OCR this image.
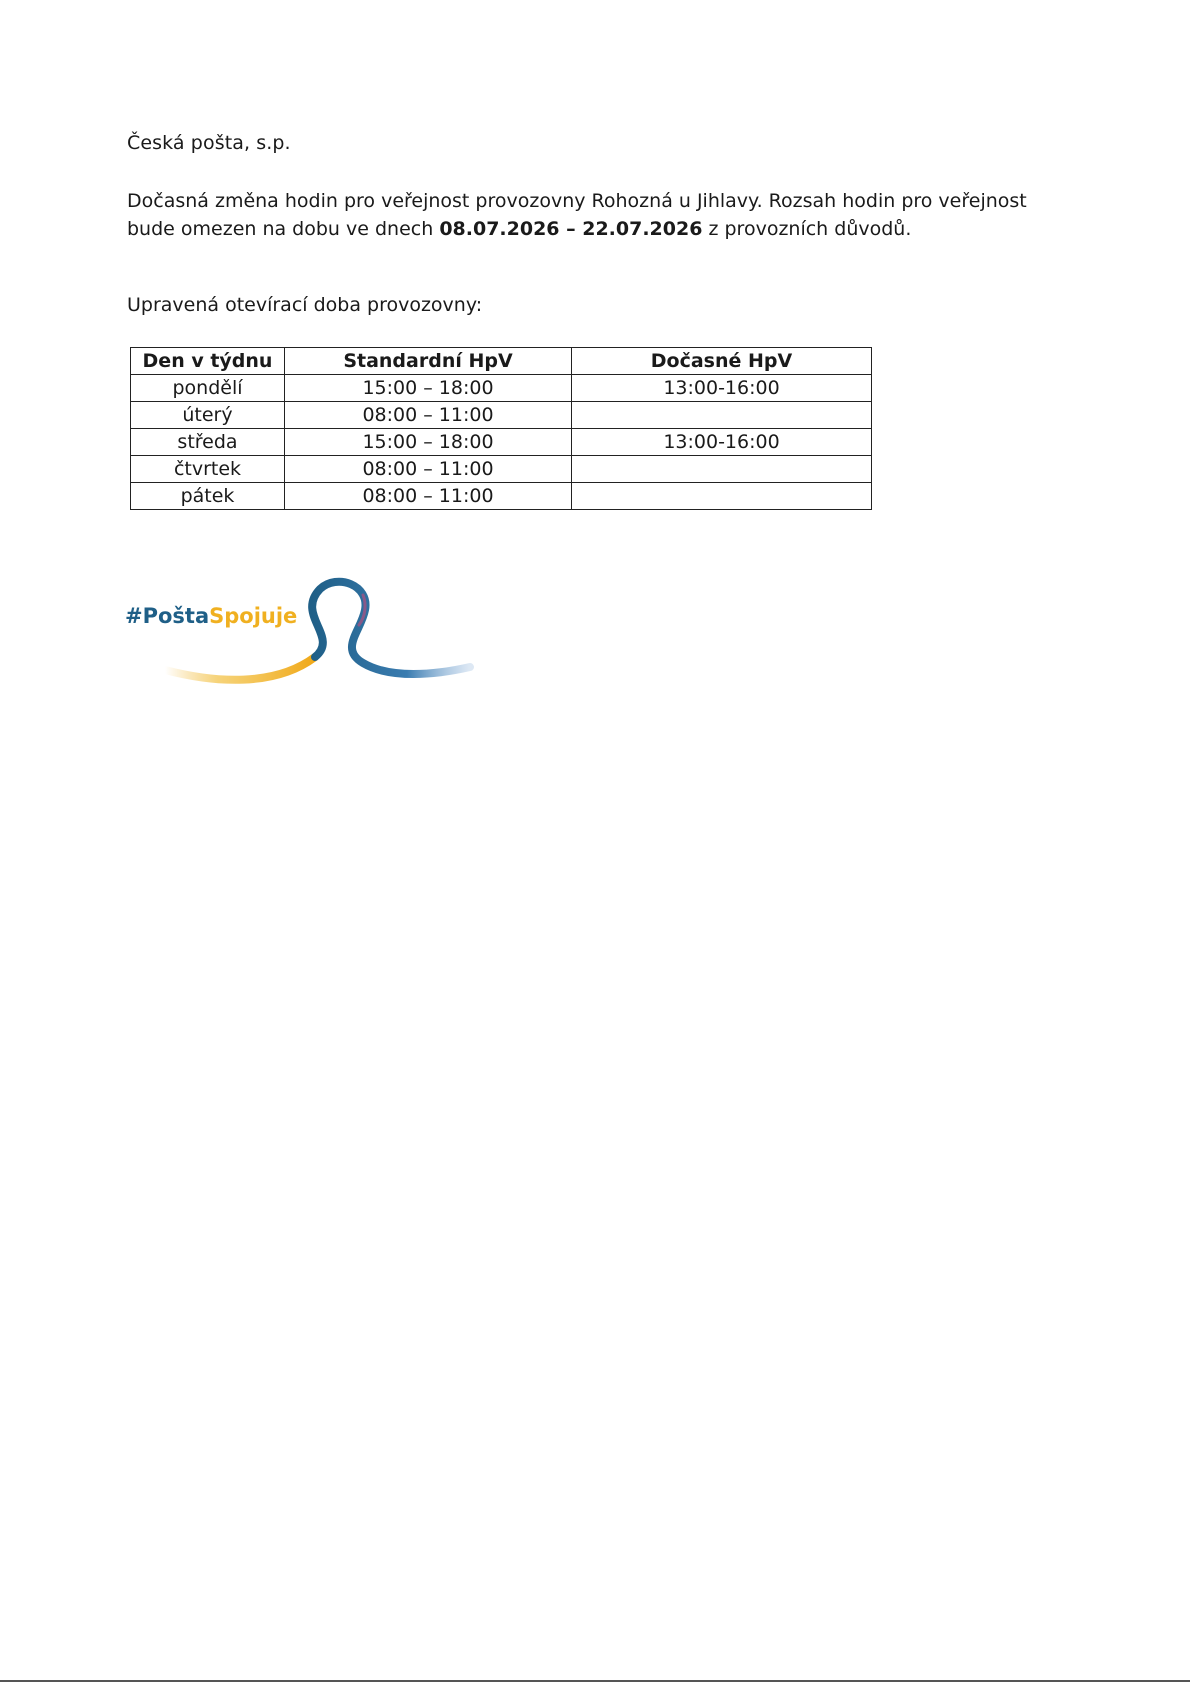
Česká pošta, s.p.
Dočasná změna hodin pro veřejnost provozovny Rohozná u Jihlavy. Rozsah hodin pro veřejnost bude omezen na dobu ve dnech 08.07.2026 – 22.07.2026 z provozních důvodů.
Upravená otevírací doba provozovny:
Den v týdnu	Standardní HpV	Dočasné HpV
pondělí	15:00 – 18:00	13:00-16:00
úterý	08:00 – 11:00	
středa	15:00 – 18:00	13:00-16:00
čtvrtek	08:00 – 11:00	
pátek	08:00 – 11:00	
#PoštaSpojuje
